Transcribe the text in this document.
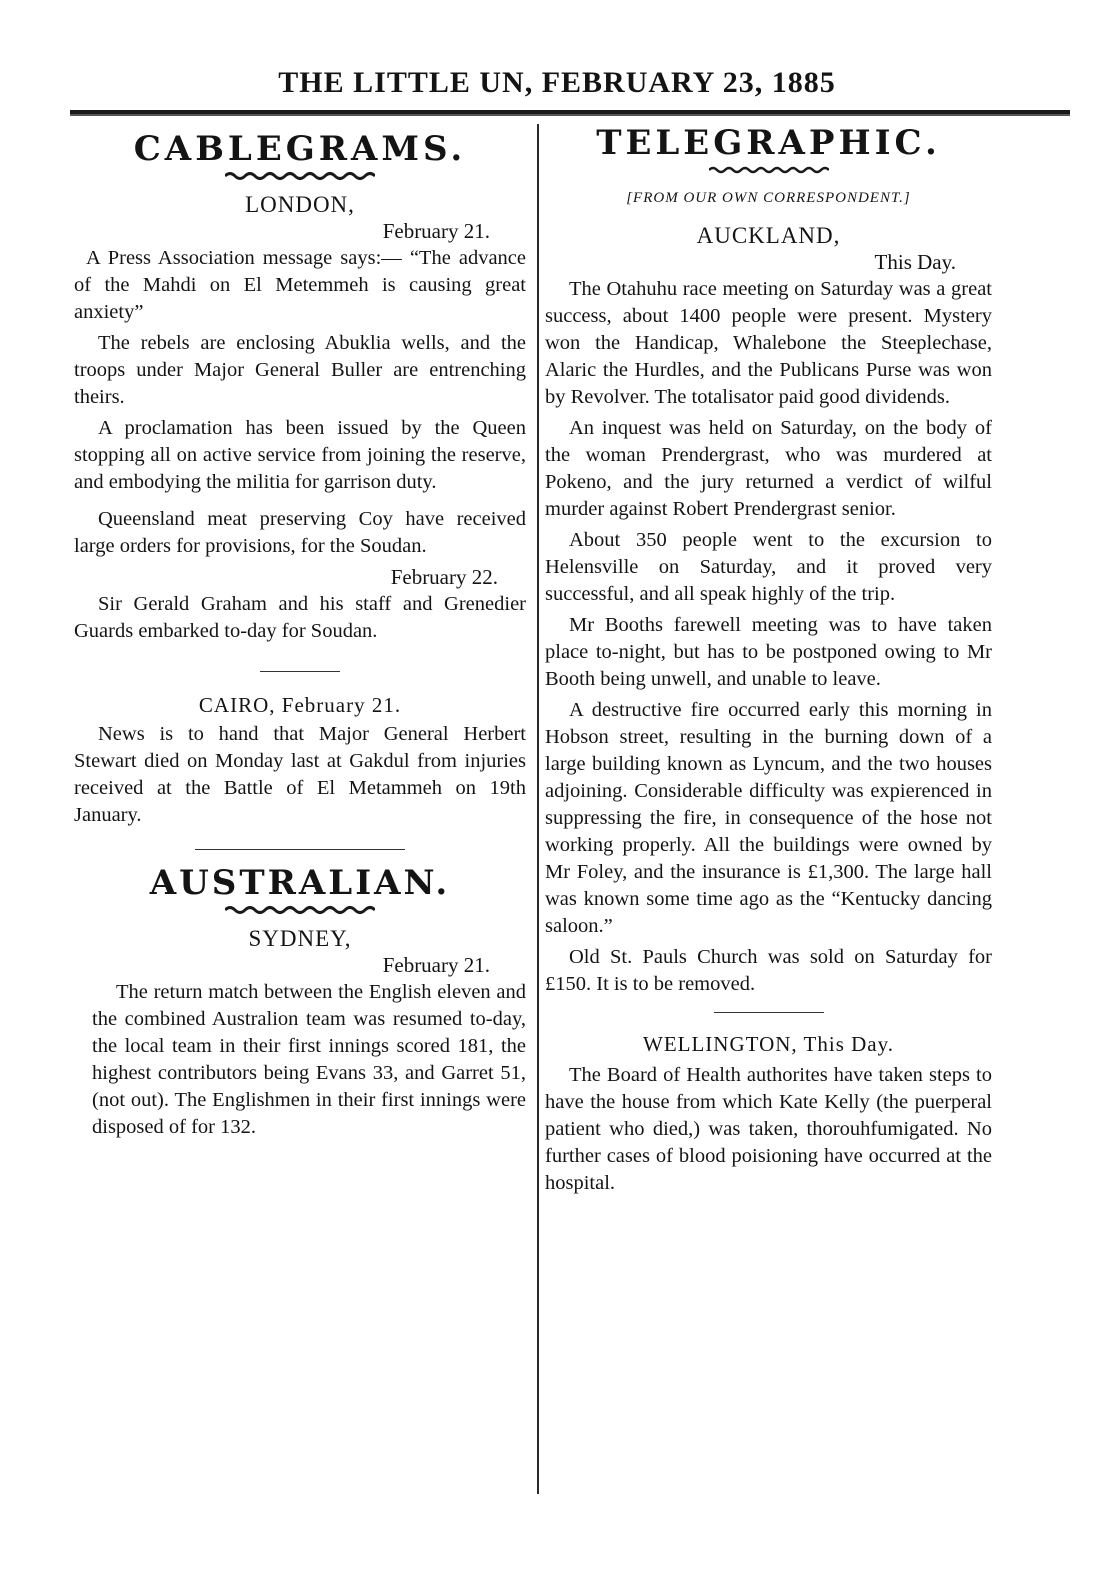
THE LITTLE UN, FEBRUARY 23, 1885
CABLEGRAMS.
LONDON,
February 21.

A Press Association message says:— “The advance of the Mahdi on El Metemmeh is causing great anxiety”

The rebels are enclosing Abuklia wells, and the troops under Major General Buller are entrenching theirs.

A proclamation has been issued by the Queen stopping all on active service from joining the reserve, and embodying the militia for garrison duty.

Queensland meat preserving Coy have received large orders for provisions, for the Soudan.

February 22.

Sir Gerald Graham and his staff and Grenedier Guards embarked to-day for Soudan.

CAIRO, February 21.

News is to hand that Major General Herbert Stewart died on Monday last at Gakdul from injuries received at the Battle of El Metammeh on 19th January.

AUSTRALIAN.
SYDNEY,
February 21.

The return match between the English eleven and the combined Australion team was resumed to-day, the local team in their first innings scored 181, the highest contributors being Evans 33, and Garret 51, (not out). The Englishmen in their first innings were disposed of for 132.

TELEGRAPHIC.
[FROM OUR OWN CORRESPONDENT.]
AUCKLAND,
This Day.

The Otahuhu race meeting on Saturday was a great success, about 1400 people were present. Mystery won the Handicap, Whalebone the Steeplechase, Alaric the Hurdles, and the Publicans Purse was won by Revolver. The totalisator paid good dividends.

An inquest was held on Saturday, on the body of the woman Prendergrast, who was murdered at Pokeno, and the jury returned a verdict of wilful murder against Robert Prendergrast senior.

About 350 people went to the excursion to Helensville on Saturday, and it proved very successful, and all speak highly of the trip.

Mr Booths farewell meeting was to have taken place to-night, but has to be postponed owing to Mr Booth being unwell, and unable to leave.

A destructive fire occurred early this morning in Hobson street, resulting in the burning down of a large building known as Lyncum, and the two houses adjoining. Considerable difficulty was expierenced in suppressing the fire, in consequence of the hose not working properly. All the buildings were owned by Mr Foley, and the insurance is £1,300. The large hall was known some time ago as the “Kentucky dancing saloon.”

Old St. Pauls Church was sold on Saturday for £150. It is to be removed.

WELLINGTON, This Day.

The Board of Health authorites have taken steps to have the house from which Kate Kelly (the puerperal patient who died,) was taken, thorouhfumigated. No further cases of blood poisioning have occurred at the hospital.
